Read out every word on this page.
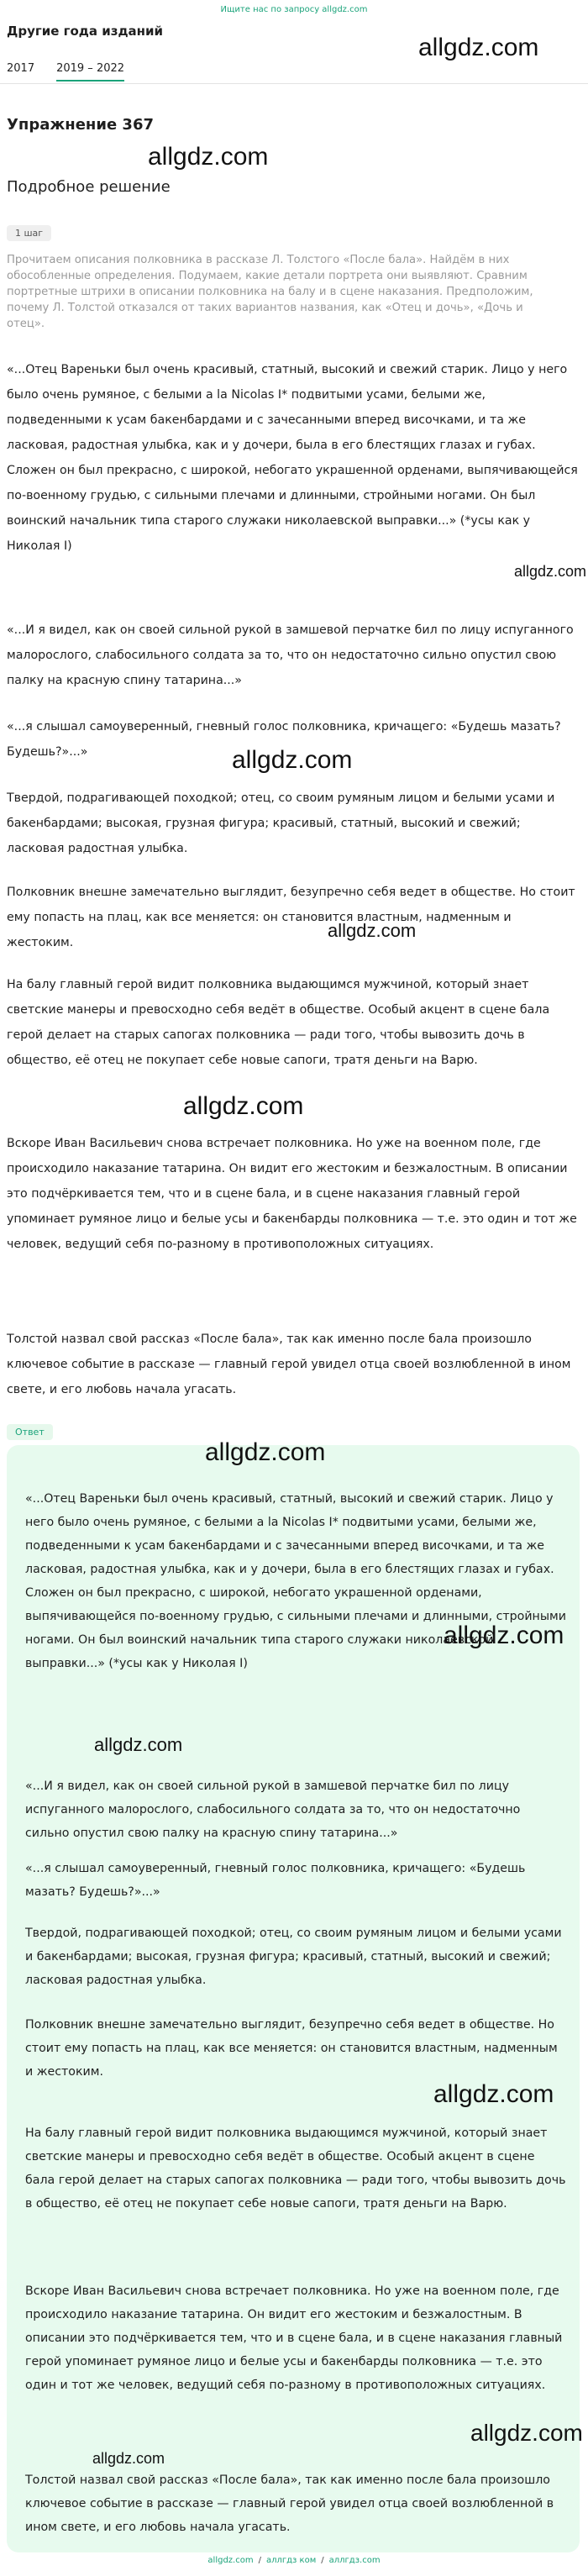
Ищите нас по запросу allgdz.com
Другие года изданий
2017 2019 – 2022
allgdz.com
Упражнение 367
allgdz.com
Подробное решение
1 шаг
Прочитаем описания полковника в рассказе Л. Толстого «После бала». Найдём в них обособленные определения. Подумаем, какие детали портрета они выявляют. Сравним портретные штрихи в описании полковника на балу и в сцене наказания. Предположим, почему Л. Толстой отказался от таких вариантов названия, как «Отец и дочь», «Дочь и отец».
«...Отец Вареньки был очень красивый, статный, высокий и свежий старик. Лицо у него было очень румяное, с белыми а la Nicolas I* подвитыми усами, белыми же, подведенными к усам бакенбардами и с зачесанными вперед височками, и та же ласковая, радостная улыбка, как и у дочери, была в его блестящих глазах и губах. Сложен он был прекрасно, с широкой, небогато украшенной орденами, выпячивающейся по-военному грудью, с сильными плечами и длинными, стройными ногами. Он был воинский начальник типа старого служаки николаевской выправки...» (*усы как у Николая I)
allgdz.com
«...И я видел, как он своей сильной рукой в замшевой перчатке бил по лицу испуганного малорослого, слабосильного солдата за то, что он недостаточно сильно опустил свою палку на красную спину татарина...»
«...я слышал самоуверенный, гневный голос полковника, кричащего: «Будешь мазать? Будешь?»...»	allgdz.com
Твердой, подрагивающей походкой; отец, со своим румяным лицом и белыми усами и бакенбардами; высокая, грузная фигура; красивый, статный, высокий и свежий; ласковая радостная улыбка.
Полковник внешне замечательно выглядит, безупречно себя ведет в обществе. Но стоит ему попасть на плац, как все меняется: он становится властным, надменным и жестоким.
allgdz.com
На балу главный герой видит полковника выдающимся мужчиной, который знает светские манеры и превосходно себя ведёт в обществе. Особый акцент в сцене бала герой делает на старых сапогах полковника — ради того, чтобы вывозить дочь в общество, её отец не покупает себе новые сапоги, тратя деньги на Варю.
allgdz.com
Вскоре Иван Васильевич снова встречает полковника. Но уже на военном поле, где происходило наказание татарина. Он видит его жестоким и безжалостным. В описании это подчёркивается тем, что и в сцене бала, и в сцене наказания главный герой упоминает румяное лицо и белые усы и бакенбарды полковника — т.е. это один и тот же человек, ведущий себя по-разному в противоположных ситуациях.
Толстой назвал свой рассказ «После бала», так как именно после бала произошло ключевое событие в рассказе — главный герой увидел отца своей возлюбленной в ином свете, и его любовь начала угасать.
Ответ
allgdz.com
«...Отец Вареньки был очень красивый, статный, высокий и свежий старик. Лицо у него было очень румяное, с белыми а la Nicolas I* подвитыми усами, белыми же, подведенными к усам бакенбардами и с зачесанными вперед височками, и та же ласковая, радостная улыбка, как и у дочери, была в его блестящих глазах и губах. Сложен он был прекрасно, с широкой, небогато украшенной орденами, выпячивающейся по-военному грудью, с сильными плечами и длинными, стройными ногами. Он был воинский начальник типа старого служаки николаевской выправки...» (*усы как у Николая I)
allgdz.com
allgdz.com
«...И я видел, как он своей сильной рукой в замшевой перчатке бил по лицу испуганного малорослого, слабосильного солдата за то, что он недостаточно сильно опустил свою палку на красную спину татарина...»
«...я слышал самоуверенный, гневный голос полковника, кричащего: «Будешь мазать? Будешь?»...»
Твердой, подрагивающей походкой; отец, со своим румяным лицом и белыми усами и бакенбардами; высокая, грузная фигура; красивый, статный, высокий и свежий; ласковая радостная улыбка.
Полковник внешне замечательно выглядит, безупречно себя ведет в обществе. Но стоит ему попасть на плац, как все меняется: он становится властным, надменным и жестоким.
allgdz.com
На балу главный герой видит полковника выдающимся мужчиной, который знает светские манеры и превосходно себя ведёт в обществе. Особый акцент в сцене бала герой делает на старых сапогах полковника — ради того, чтобы вывозить дочь в общество, её отец не покупает себе новые сапоги, тратя деньги на Варю.
Вскоре Иван Васильевич снова встречает полковника. Но уже на военном поле, где происходило наказание татарина. Он видит его жестоким и безжалостным. В описании это подчёркивается тем, что и в сцене бала, и в сцене наказания главный герой упоминает румяное лицо и белые усы и бакенбарды полковника — т.е. это один и тот же человек, ведущий себя по-разному в противоположных ситуациях.
allgdz.com
allgdz.com
Толстой назвал свой рассказ «После бала», так как именно после бала произошло ключевое событие в рассказе — главный герой увидел отца своей возлюбленной в ином свете, и его любовь начала угасать.
allgdz.com / аллгдз ком / аллгдз.com
